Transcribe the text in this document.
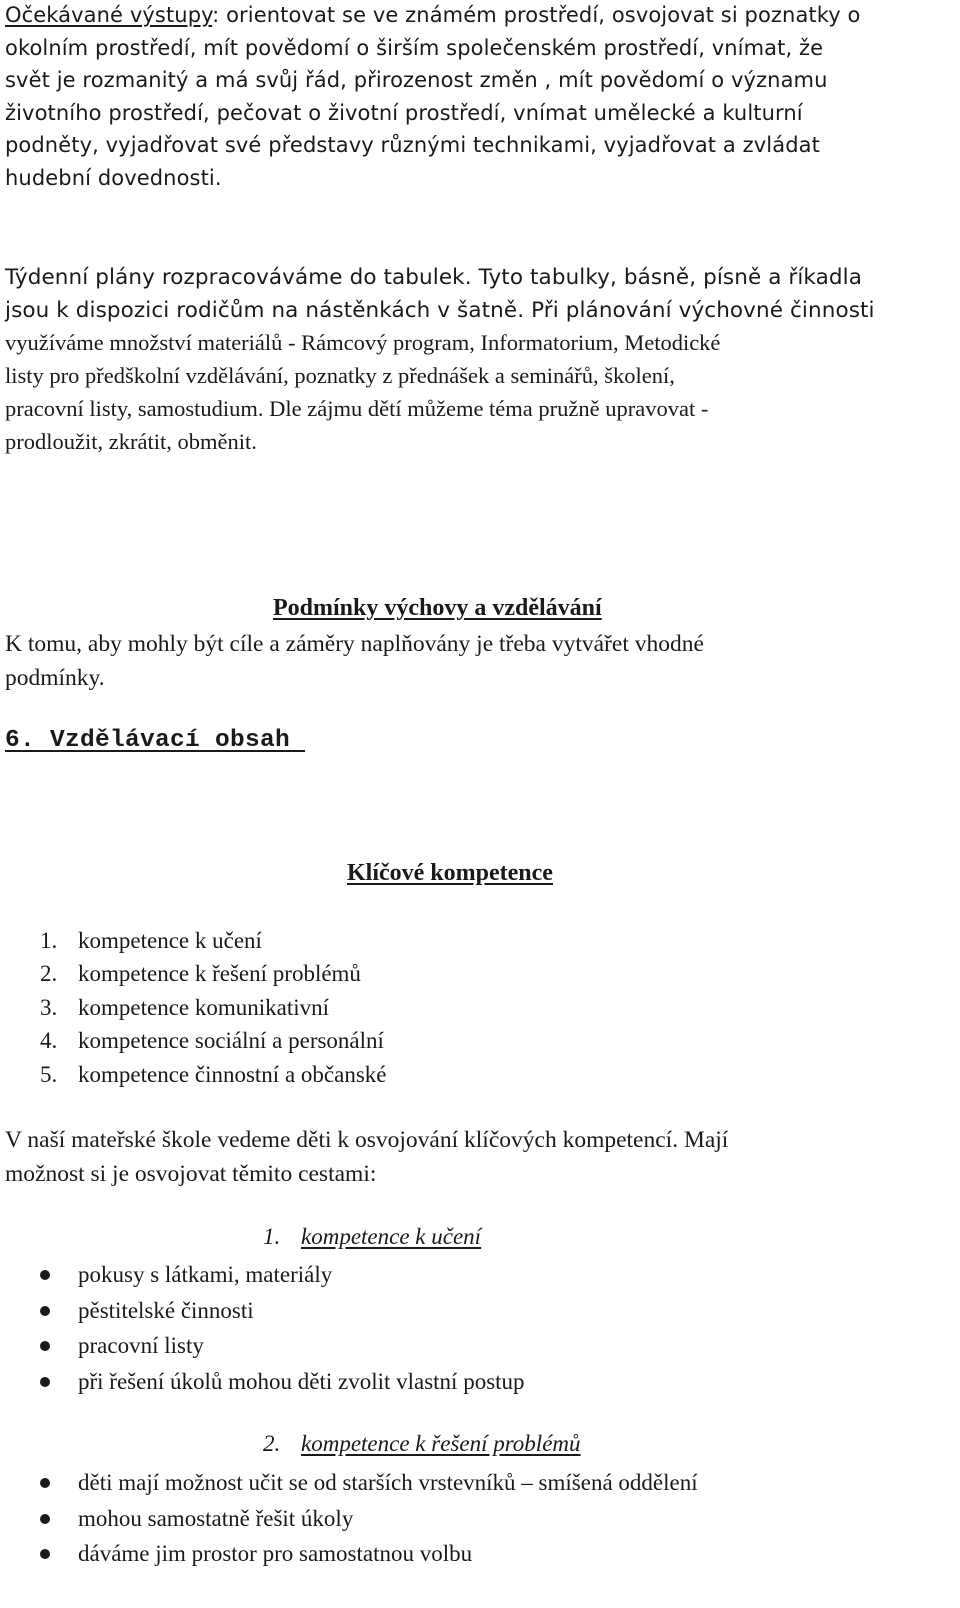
Očekávané výstupy: orientovat se ve známém prostředí, osvojovat si poznatky o
okolním prostředí, mít povědomí o širším společenském prostředí, vnímat, že
svět je rozmanitý a má svůj řád, přirozenost změn , mít povědomí o významu
životního prostředí, pečovat o životní prostředí, vnímat umělecké a kulturní
podněty, vyjadřovat své představy různými technikami, vyjadřovat a zvládat
hudební dovednosti.
Týdenní plány rozpracováváme do tabulek. Tyto tabulky, básně, písně a říkadla
jsou k dispozici rodičům na nástěnkách v šatně. Při plánování výchovné činnosti
využíváme množství materiálů - Rámcový program, Informatorium, Metodické
listy pro předškolní vzdělávání, poznatky z přednášek a seminářů, školení,
pracovní listy, samostudium. Dle zájmu dětí můžeme téma pružně upravovat -
prodloužit, zkrátit, obměnit.
Podmínky výchovy a vzdělávání
K tomu, aby mohly být cíle a záměry naplňovány je třeba vytvářet vhodné
podmínky.
6. Vzdělávací obsah
Klíčové kompetence
1. kompetence k učení
2. kompetence k řešení problémů
3. kompetence komunikativní
4. kompetence sociální a personální
5. kompetence činnostní a občanské
V naší mateřské škole vedeme děti k osvojování klíčových kompetencí. Mají
možnost si je osvojovat těmito cestami:
1. kompetence k učení
pokusy s látkami, materiály
pěstitelské činnosti
pracovní listy
při řešení úkolů mohou děti zvolit vlastní postup
2. kompetence k řešení problémů
děti mají možnost učit se od starších vrstevníků – smíšená oddělení
mohou samostatně řešit úkoly
dáváme jim prostor pro samostatnou volbu
